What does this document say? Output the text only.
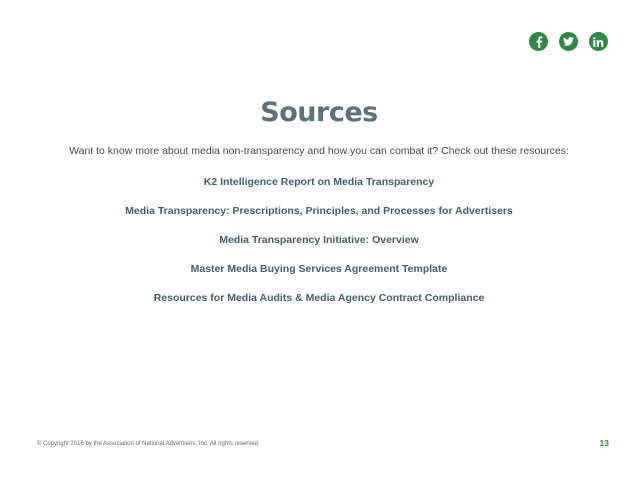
Sources

Want to know more about media non-transparency and how you can combat it? Check out these resources:

K2 Intelligence Report on Media Transparency
Media Transparency: Prescriptions, Principles, and Processes for Advertisers
Media Transparency Initiative: Overview
Master Media Buying Services Agreement Template
Resources for Media Audits & Media Agency Contract Compliance

© Copyright 2016 by the Association of National Advertisers, Inc. All rights reserved.	13
